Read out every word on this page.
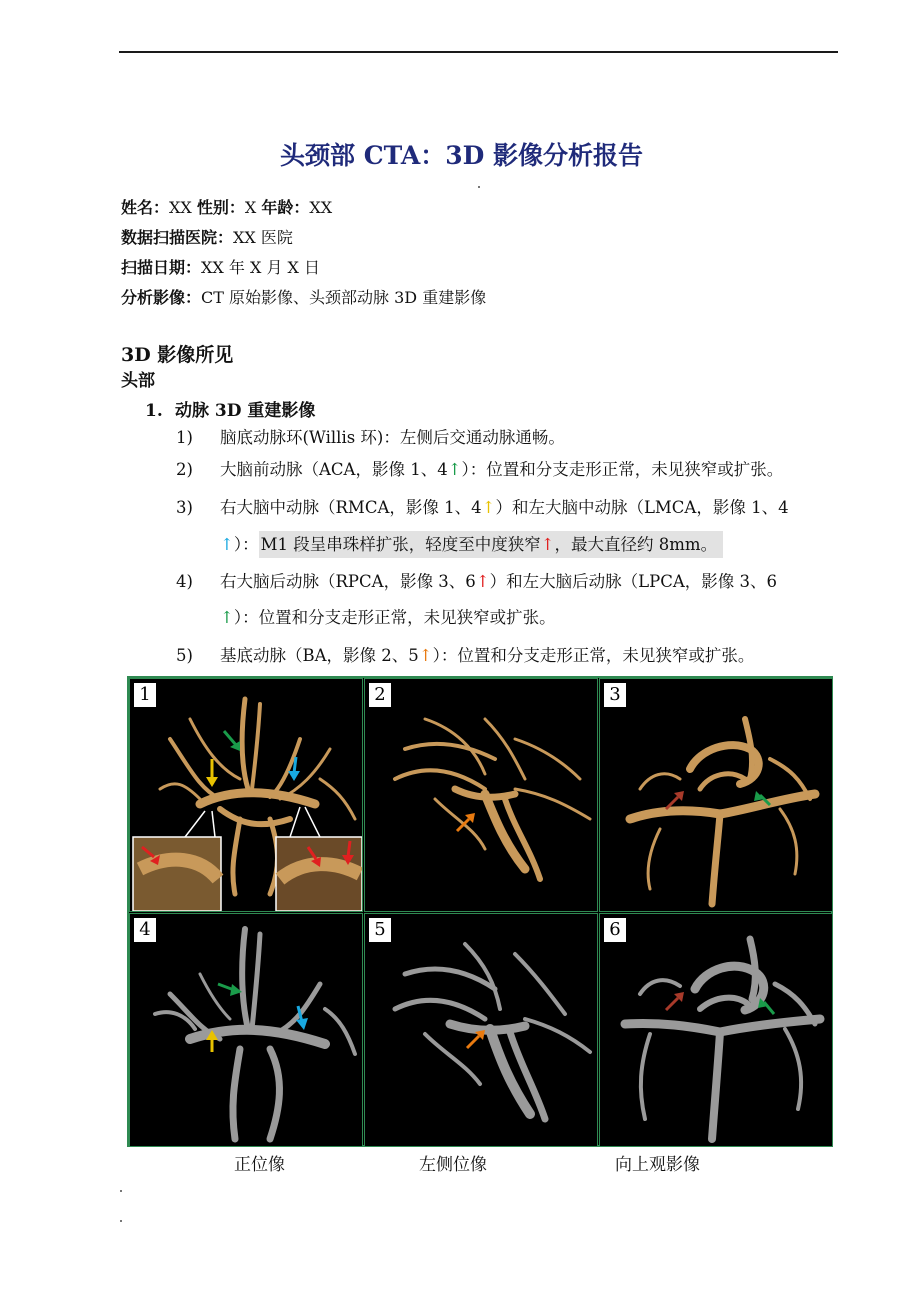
头颈部 CTA：3D 影像分析报告
姓名：XX 性别：X 年龄：XX
数据扫描医院：XX 医院
扫描日期：XX 年 X 月 X 日
分析影像：CT 原始影像、头颈部动脉 3D 重建影像
3D 影像所见
头部
1. 动脉 3D 重建影像
1) 脑底动脉环(Willis 环)：左侧后交通动脉通畅。
2) 大脑前动脉（ACA，影像 1、4↑）：位置和分支走形正常，未见狭窄或扩张。
3) 右大脑中动脉（RMCA，影像 1、4↑）和左大脑中动脉（LMCA，影像 1、4
↑）： M1 段呈串珠样扩张，轻度至中度狭窄↑，最大直径约 8mm。
4) 右大脑后动脉（RPCA，影像 3、6↑）和左大脑后动脉（LPCA，影像 3、6
↑）：位置和分支走形正常，未见狭窄或扩张。
5) 基底动脉（BA，影像 2、5↑）：位置和分支走形正常，未见狭窄或扩张。
1	2	3
4	5	6
正位像	左侧位像	向上观影像
